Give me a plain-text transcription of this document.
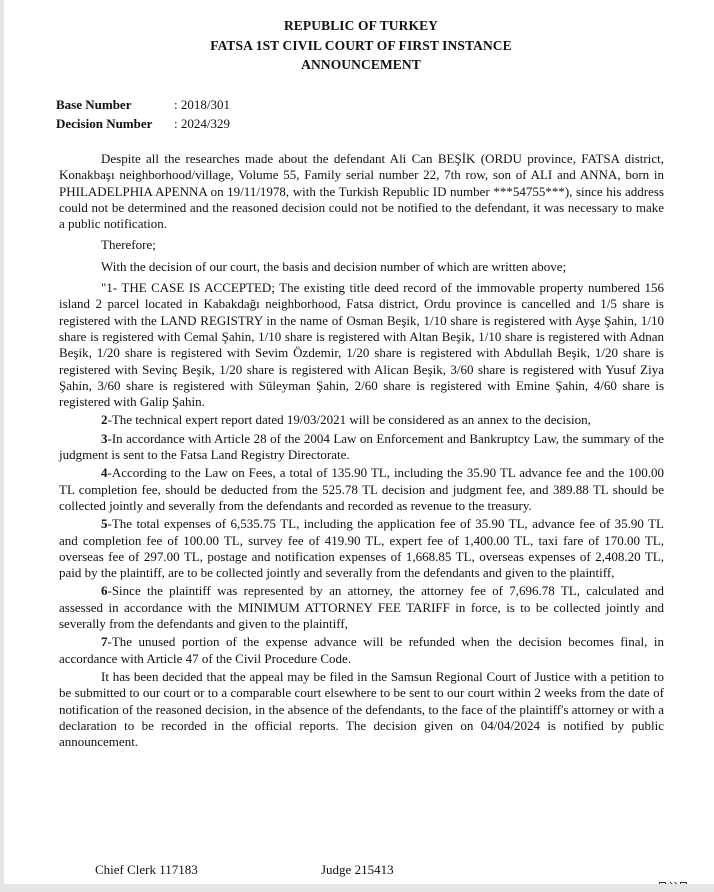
REPUBLIC OF TURKEY
FATSA 1ST CIVIL COURT OF FIRST INSTANCE
ANNOUNCEMENT
Base Number	: 2018/301
Decision Number	: 2024/329

Despite all the researches made about the defendant Ali Can BEŞİK (ORDU province, FATSA district, Konakbaşı neighborhood/village, Volume 55, Family serial number 22, 7th row, son of ALI and ANNA, born in PHILADELPHIA APENNA on 19/11/1978, with the Turkish Republic ID number ***54755***), since his address could not be determined and the reasoned decision could not be notified to the defendant, it was necessary to make a public notification.

Therefore;

With the decision of our court, the basis and decision number of which are written above;

"1- THE CASE IS ACCEPTED; The existing title deed record of the immovable property numbered 156 island 2 parcel located in Kabakdağı neighborhood, Fatsa district, Ordu province is cancelled and 1/5 share is registered with the LAND REGISTRY in the name of Osman Beşik, 1/10 share is registered with Ayşe Şahin, 1/10 share is registered with Cemal Şahin, 1/10 share is registered with Altan Beşik, 1/10 share is registered with Adnan Beşik, 1/20 share is registered with Sevim Özdemir, 1/20 share is registered with Abdullah Beşik, 1/20 share is registered with Sevinç Beşik, 1/20 share is registered with Alican Beşik, 3/60 share is registered with Yusuf Ziya Şahin, 3/60 share is registered with Süleyman Şahin, 2/60 share is registered with Emine Şahin, 4/60 share is registered with Galip Şahin.

2-The technical expert report dated 19/03/2021 will be considered as an annex to the decision,

3-In accordance with Article 28 of the 2004 Law on Enforcement and Bankruptcy Law, the summary of the judgment is sent to the Fatsa Land Registry Directorate.

4-According to the Law on Fees, a total of 135.90 TL, including the 35.90 TL advance fee and the 100.00 TL completion fee, should be deducted from the 525.78 TL decision and judgment fee, and 389.88 TL should be collected jointly and severally from the defendants and recorded as revenue to the treasury.

5-The total expenses of 6,535.75 TL, including the application fee of 35.90 TL, advance fee of 35.90 TL and completion fee of 100.00 TL, survey fee of 419.90 TL, expert fee of 1,400.00 TL, taxi fare of 170.00 TL, overseas fee of 297.00 TL, postage and notification expenses of 1,668.85 TL, overseas expenses of 2,408.20 TL, paid by the plaintiff, are to be collected jointly and severally from the defendants and given to the plaintiff,

6-Since the plaintiff was represented by an attorney, the attorney fee of 7,696.78 TL, calculated and assessed in accordance with the MINIMUM ATTORNEY FEE TARIFF in force, is to be collected jointly and severally from the defendants and given to the plaintiff,

7-The unused portion of the expense advance will be refunded when the decision becomes final, in accordance with Article 47 of the Civil Procedure Code.

It has been decided that the appeal may be filed in the Samsun Regional Court of Justice with a petition to be submitted to our court or to a comparable court elsewhere to be sent to our court within 2 weeks from the date of notification of the reasoned decision, in the absence of the defendants, to the face of the plaintiff's attorney or with a declaration to be recorded in the official reports. The decision given on 04/04/2024 is notified by public announcement.

Chief Clerk 117183	Judge 215413
